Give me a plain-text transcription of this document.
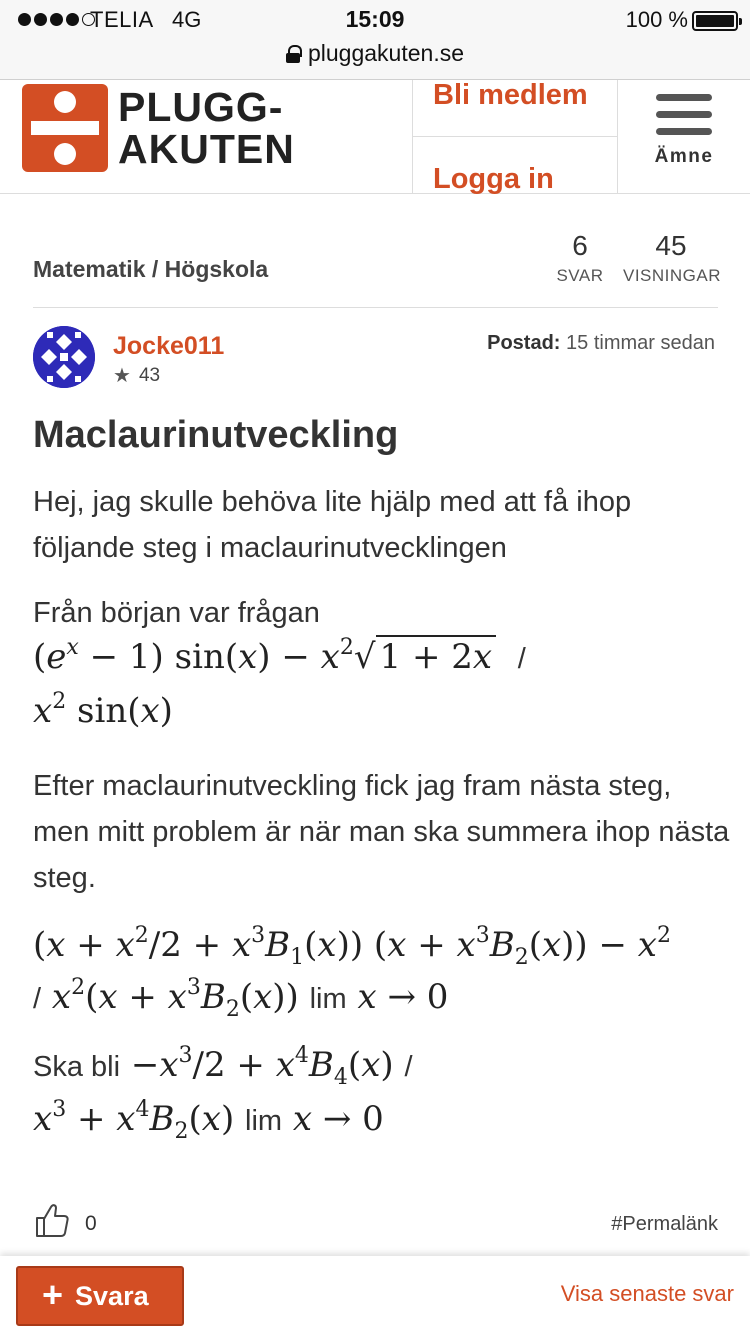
TELIA 4G	15:09	100 %
pluggakuten.se
PLUGG-
AKUTEN
Bli medlem
Logga in
Ämne
Matematik / Högskola
6
SVAR
45
VISNINGAR
Jocke011
★ 43
Postad: 15 timmar sedan
Maclaurinutveckling

Hej, jag skulle behöva lite hjälp med att få ihop följande steg i maclaurinutvecklingen

Från början var frågan
$(e^x - 1) \sin(x) - x^2√$ 1 + 2x /
$x^2$ sin(x)

Efter maclaurinutveckling fick jag fram nästa steg, men mitt problem är när man ska summera ihop nästa steg.

$(x + x^2/2 + x^3B_1(x))$ $(x + x^3B_2(x)) - x^2$
/ $x^2(x + x^3B_2(x))$ lim x → 0
Ska bli $-x^3/2 + x^4B_4(x)$ /
$x^3 + x^4B_2(x)$ lim x → 0
0	#Permalänk
+ Svara	Visa senaste svar
